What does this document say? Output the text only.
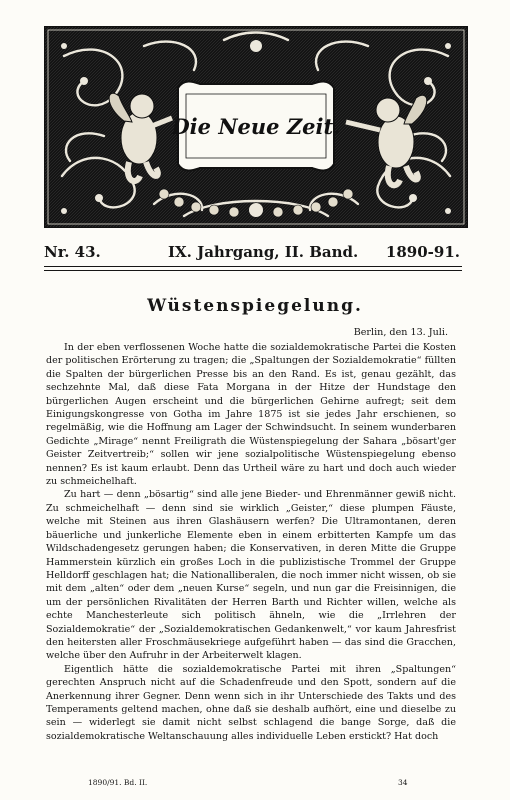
Die Neue Zeit.
Nr. 43.	IX. Jahrgang, II. Band. 1890-91.
Wüstenspiegelung.
Berlin, den 13. Juli.

In der eben verflossenen Woche hatte die sozialdemokratische Partei die Kosten der politischen Erörterung zu tragen; die „Spaltungen der Sozialdemokratie“ füllten die Spalten der bürgerlichen Presse bis an den Rand. Es ist, genau gezählt, das sechzehnte Mal, daß diese Fata Morgana in der Hitze der Hundstage den bürgerlichen Augen erscheint und die bürgerlichen Gehirne aufregt; seit dem Einigungskongresse von Gotha im Jahre 1875 ist sie jedes Jahr erschienen, so regelmäßig, wie die Hoffnung am Lager der Schwindsucht. In seinem wunderbaren Gedichte „Mirage“ nennt Freiligrath die Wüstenspiegelung der Sahara „bösart'ger Geister Zeitvertreib;“ sollen wir jene sozialpolitische Wüstenspiegelung ebenso nennen? Es ist kaum erlaubt. Denn das Urtheil wäre zu hart und doch auch wieder zu schmeichelhaft.

Zu hart — denn „bösartig“ sind alle jene Bieder- und Ehrenmänner gewiß nicht. Zu schmeichelhaft — denn sind sie wirklich „Geister,“ diese plumpen Fäuste, welche mit Steinen aus ihren Glashäusern werfen? Die Ultramontanen, deren bäuerliche und junkerliche Elemente eben in einem erbitterten Kampfe um das Wildschadengesetz gerungen haben; die Konservativen, in deren Mitte die Gruppe Hammerstein kürzlich ein großes Loch in die publizistische Trommel der Gruppe Helldorff geschlagen hat; die Nationalliberalen, die noch immer nicht wissen, ob sie mit dem „alten“ oder dem „neuen Kurse“ segeln, und nun gar die Freisinnigen, die um der persönlichen Rivalitäten der Herren Barth und Richter willen, welche als echte Manchesterleute sich politisch ähneln, wie die „Irrlehren der Sozialdemokratie“ der „Sozialdemokratischen Gedankenwelt,“ vor kaum Jahresfrist den heitersten aller Froschmäusekriege aufgeführt haben — das sind die Gracchen, welche über den Aufruhr in der Arbeiterwelt klagen.

Eigentlich hätte die sozialdemokratische Partei mit ihren „Spaltungen“ gerechten Anspruch nicht auf die Schadenfreude und den Spott, sondern auf die Anerkennung ihrer Gegner. Denn wenn sich in ihr Unterschiede des Takts und des Temperaments geltend machen, ohne daß sie deshalb aufhört, eine und dieselbe zu sein — widerlegt sie damit nicht selbst schlagend die bange Sorge, daß die sozialdemokratische Weltanschauung alles individuelle Leben erstickt? Hat doch

1890/91. Bd. II.	34
